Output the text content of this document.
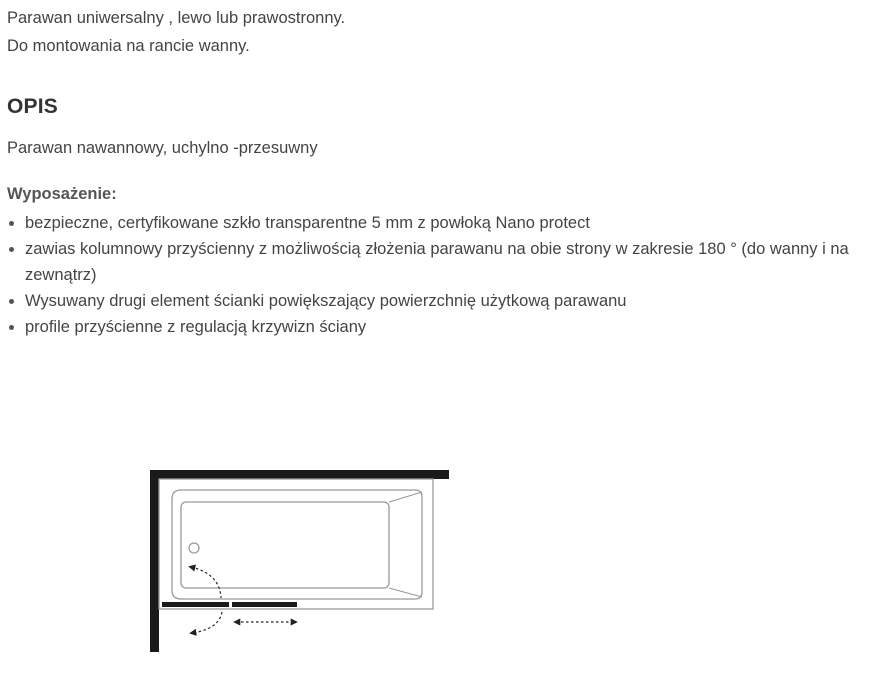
Parawan uniwersalny , lewo lub prawostronny.

Do montowania na rancie wanny.

OPIS

Parawan nawannowy, uchylno -przesuwny

Wyposażenie:

bezpieczne, certyfikowane szkło transparentne 5 mm z powłoką Nano protect
zawias kolumnowy przyścienny z możliwością złożenia parawanu na obie strony w zakresie 180 ° (do wanny i na zewnątrz)
Wysuwany drugi element ścianki powiększający powierzchnię użytkową parawanu
profile przyścienne z regulacją krzywizn ściany
